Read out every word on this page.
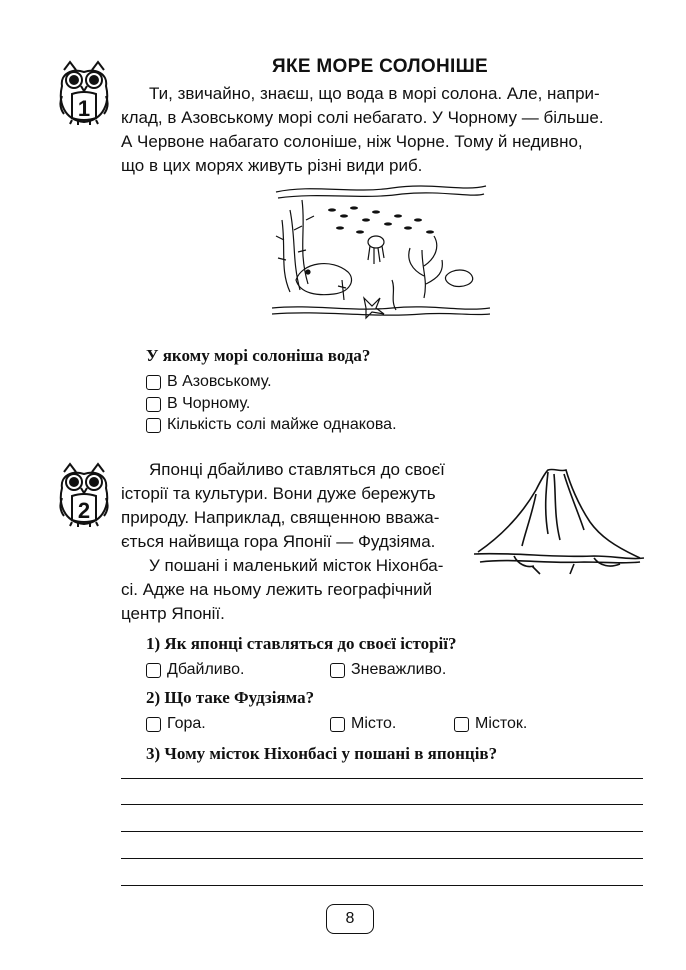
1
ЯКЕ МОРЕ СОЛОНІШЕ
Ти, звичайно, знаєш, що вода в морі солона. Але, напри-
клад, в Азовському морі солі небагато. У Чорному — більше.
А Червоне набагато солоніше, ніж Чорне. Тому й недивно,
що в цих морях живуть різні види риб.
У якому морі солоніша вода?
В Азовському.
В Чорному.
Кількість солі майже однакова.
2
Японці дбайливо ставляться до своєї
історії та культури. Вони дуже бережуть
природу. Наприклад, священною вважа-
ється найвища гора Японії — Фудзіяма.
У пошані і маленький місток Ніхонба-
сі. Адже на ньому лежить географічний
центр Японії.
1) Як японці ставляться до своєї історії?
Дбайливо.	Зневажливо.
2) Що таке Фудзіяма?
Гора.	Місто.	Місток.
3) Чому місток Ніхонбасі у пошані в японців?
8
